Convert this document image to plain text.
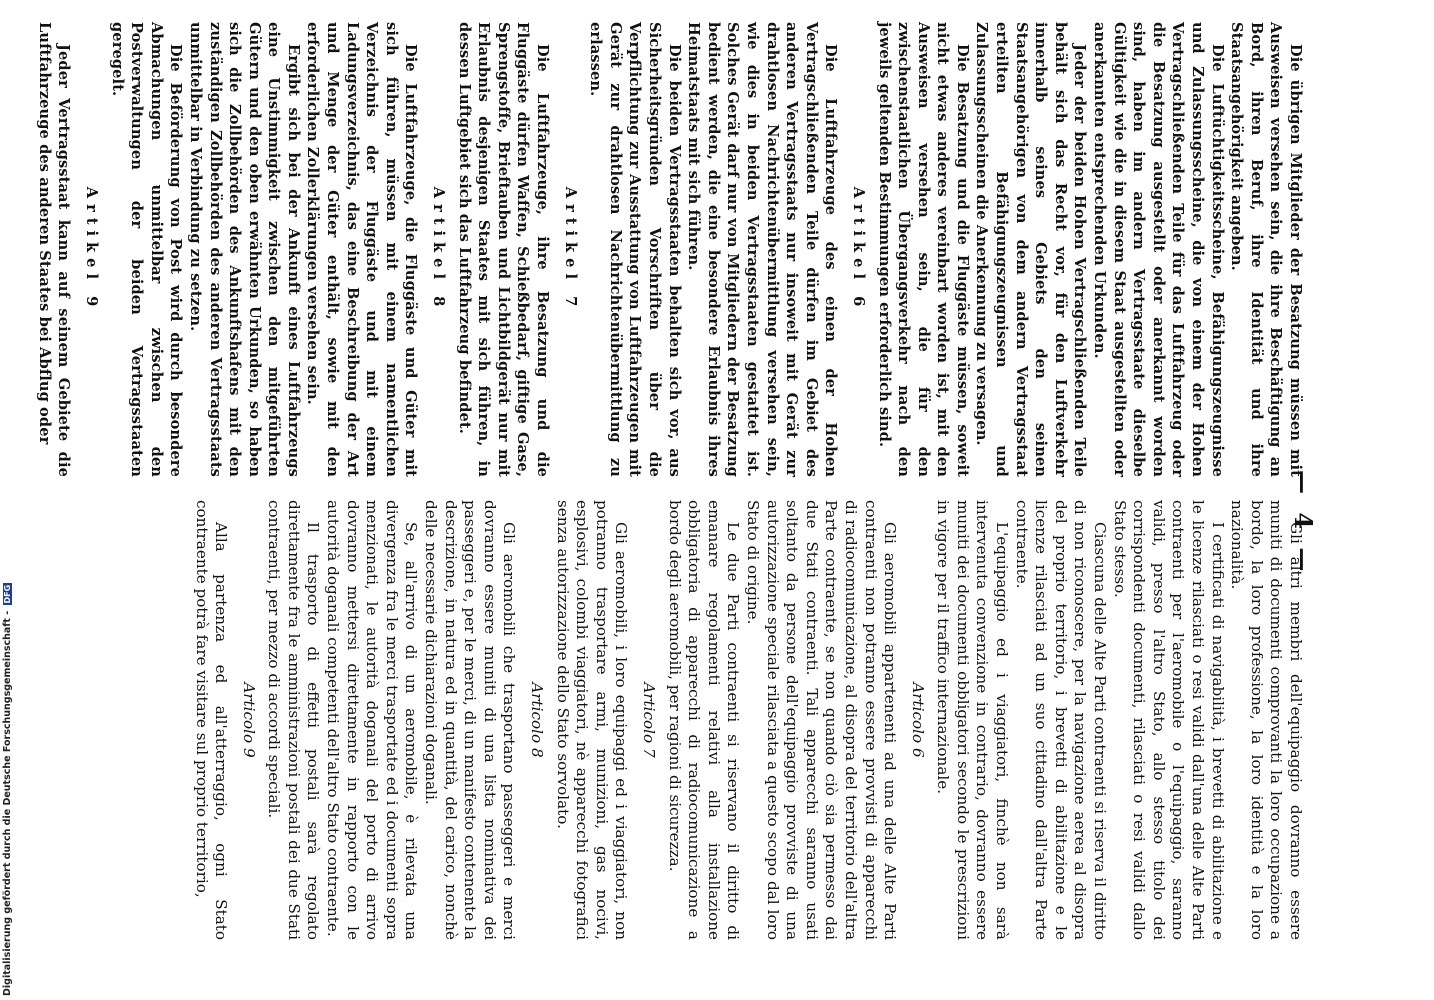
— 4 —

Gli altri membri dell'equipaggio dovranno essere muniti di documenti comprovanti la loro occupazione a bordo, la loro professione, la loro identità e la loro nazionalità.

I certificati di navigabilità, i brevetti di abilitazione e le licenze rilasciati o resi validi dall'una delle Alte Parti contraenti per l'aeromobile o l'equipaggio, saranno validi, presso l'altro Stato, allo stesso titolo dei corrispondenti documenti, rilasciati o resi validi dallo Stato stesso.

Ciascuna delle Alte Parti contraenti si riserva il diritto di non riconoscere, per la navigazione aerea al disopra del proprio territorio, i brevetti di abilitazione e le licenze rilasciati ad un suo cittadino dall'altra Parte contraente.

L'equipaggio ed i viaggiatori, finchè non sarà intervenuta convenzione in contrario, dovranno essere muniti dei documenti obbligatori secondo le prescrizioni in vigore per il traffico internazionale.

Articolo 6

Gli aeromobili appartenenti ad una delle Alte Parti contraenti non potranno essere provvisti di apparecchi di radiocomunicazione, al disopra del territorio dell'altra Parte contraente, se non quando ciò sia permesso dai due Stati contraenti. Tali apparecchi saranno usati soltanto da persone dell'equipaggio provviste di una autorizzazione speciale rilasciata a questo scopo dal loro Stato di origine.

Le due Parti contraenti si riservano il diritto di emanare regolamenti relativi alla installazione obbligatoria di apparecchi di radiocomunicazione a bordo degli aeromobili, per ragioni di sicurezza.

Articolo 7

Gli aeromobili, i loro equipaggi ed i viaggiatori, non potranno trasportare armi, munizioni, gas nocivi, esplosivi, colombi viaggiatori, nè apparecchi fotografici senza autorizzazione dello Stato sorvolato.

Articolo 8

Gli aeromobili che trasportano passeggeri e merci dovranno essere muniti di una lista nominativa dei passeggeri e, per le merci, di un manifesto contenente la descrizione, in natura ed in quantità, del carico, nonchè delle necessarie dichiarazioni doganali.

Se, all'arrivo di un aeromobile, è rilevata una divergenza fra le merci trasportate ed i documenti sopra menzionati, le autorità doganali del porto di arrivo dovranno mettersi direttamente in rapporto con le autorità doganali competenti dell'altro Stato contraente.

Il trasporto di effetti postali sarà regolato direttamente fra le amministrazioni postali dei due Stati contraenti, per mezzo di accordi speciali.

Articolo 9

Alla partenza ed all'atterraggio, ogni Stato contraente potrà fare visitare sul proprio territorio,

Die übrigen Mitglieder der Besatzung müssen mit Ausweisen versehen sein, die ihre Beschäftigung an Bord, ihren Beruf, ihre Identität und ihre Staatsangehörigkeit angeben.

Die Luftüchtigkeitsscheine, Befähigungszeugnisse und Zulassungsscheine, die von einem der Hohen Vertragschließenden Teile für das Luftfahrzeug oder die Besatzung ausgestellt oder anerkannt worden sind, haben im andern Vertragsstaate dieselbe Gültigkeit wie die in diesem Staat ausgestellten oder anerkannten entsprechenden Urkunden.

Jeder der beiden Hohen Vertragschließenden Teile behält sich das Recht vor, für den Luftverkehr innerhalb seines Gebiets den seinen Staatsangehörigen von dem andern Vertragsstaat erteilten Befähigungszeugnissen und Zulassungsscheinen die Anerkennung zu versagen.

Die Besatzung und die Fluggäste müssen, soweit nicht etwas anderes vereinbart worden ist, mit den Ausweisen versehen sein, die für den zwischenstaatlichen Übergangsverkehr nach den jeweils geltenden Bestimmungen erforderlich sind.

Artikel 6

Die Luftfahrzeuge des einen der Hohen Vertragschließenden Teile dürfen im Gebiet des anderen Vertragsstaats nur insoweit mit Gerät zur drahtlosen Nachrichtenübermittlung versehen sein, wie dies in beiden Vertragsstaaten gestattet ist. Solches Gerät darf nur von Mitgliedern der Besatzung bedient werden, die eine besondere Erlaubnis ihres Heimatstaats mit sich führen.

Die beiden Vertragsstaaten behalten sich vor, aus Sicherheitsgründen Vorschriften über die Verpflichtung zur Ausstattung von Luftfahrzeugen mit Gerät zur drahtlosen Nachrichtenübermittlung zu erlassen.

Artikel 7

Die Luftfahrzeuge, ihre Besatzung und die Fluggäste dürfen Waffen, Schießbedarf, giftige Gase, Sprengstoffe, Brieftauben und Lichtbildgerät nur mit Erlaubnis desjenigen Staates mit sich führen, in dessen Luftgebiet sich das Luftfahrzeug befindet.

Artikel 8

Die Luftfahrzeuge, die Fluggäste und Güter mit sich führen, müssen mit einem namentlichen Verzeichnis der Fluggäste und mit einem Ladungsverzeichnis, das eine Beschreibung der Art und Menge der Güter enthält, sowie mit den erforderlichen Zollerklärungen versehen sein.

Ergibt sich bei der Ankunft eines Luftfahrzeugs eine Unstimmigkeit zwischen den mitgeführten Gütern und den oben erwähnten Urkunden, so haben sich die Zollbehörden des Ankunftshafens mit den zuständigen Zollbehörden des anderen Vertragsstaats unmittelbar in Verbindung zu setzen.

Die Beförderung von Post wird durch besondere Abmachungen unmittelbar zwischen den Postverwaltungen der beiden Vertragsstaaten geregelt.

Artikel 9

Jeder Vertragsstaat kann auf seinem Gebiete die Luftfahrzeuge des anderen Staates bei Abflug oder

Digitalisierung gefördert durch die Deutsche Forschungsgemeinschaft - DFG
